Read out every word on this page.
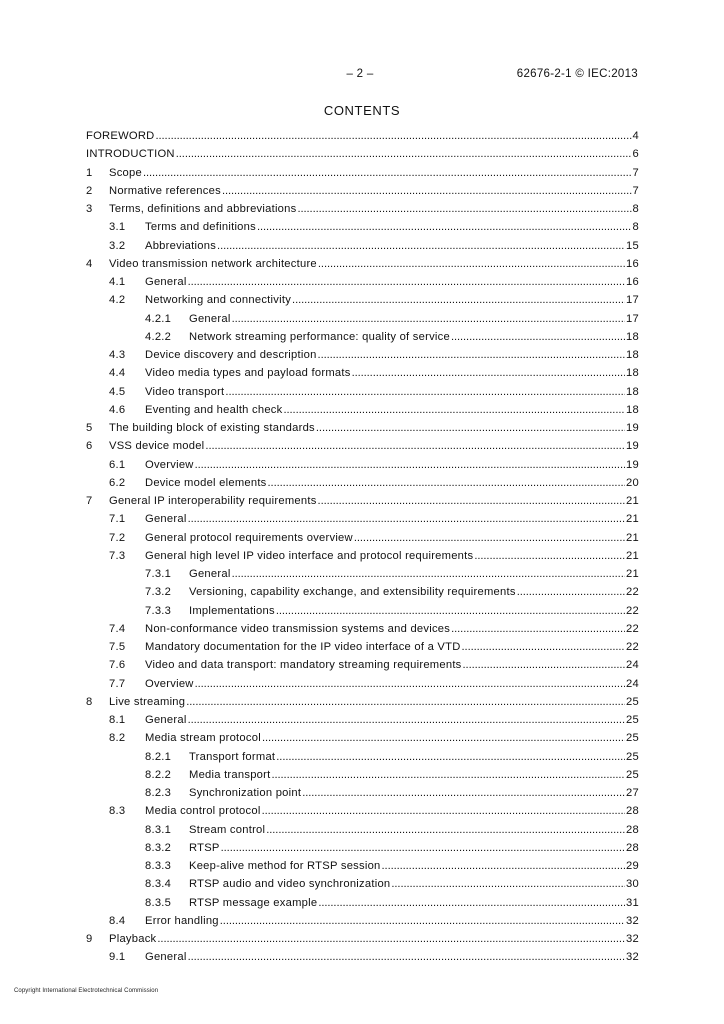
– 2 –	62676-2-1 © IEC:2013
CONTENTS
FOREWORD . . .	4
INTRODUCTION . . .	6
1	Scope . . .	7
2	Normative references . . .	7
3	Terms, definitions and abbreviations . . .	8
3.1	Terms and definitions . . .	8
3.2	Abbreviations . . .	15
4	Video transmission network architecture . . .	16
4.1	General . . .	16
4.2	Networking and connectivity . . .	17
4.2.1	General . . .	17
4.2.2	Network streaming performance: quality of service . . .	18
4.3	Device discovery and description . . .	18
4.4	Video media types and payload formats . . .	18
4.5	Video transport . . .	18
4.6	Eventing and health check . . .	18
5	The building block of existing standards . . .	19
6	VSS device model . . .	19
6.1	Overview . . .	19
6.2	Device model elements . . .	20
7	General IP interoperability requirements . . .	21
7.1	General . . .	21
7.2	General protocol requirements overview . . .	21
7.3	General high level IP video interface and protocol requirements . . .	21
7.3.1	General . . .	21
7.3.2	Versioning, capability exchange, and extensibility requirements . . .	22
7.3.3	Implementations . . .	22
7.4	Non-conformance video transmission systems and devices . . .	22
7.5	Mandatory documentation for the IP video interface of a VTD . . .	22
7.6	Video and data transport: mandatory streaming requirements . . .	24
7.7	Overview . . .	24
8	Live streaming . . .	25
8.1	General . . .	25
8.2	Media stream protocol . . .	25
8.2.1	Transport format . . .	25
8.2.2	Media transport . . .	25
8.2.3	Synchronization point . . .	27
8.3	Media control protocol . . .	28
8.3.1	Stream control . . .	28
8.3.2	RTSP . . .	28
8.3.3	Keep-alive method for RTSP session . . .	29
8.3.4	RTSP audio and video synchronization . . .	30
8.3.5	RTSP message example . . .	31
8.4	Error handling . . .	32
9	Playback . . .	32
9.1	General . . .	32
Copyright International Electrotechnical Commission
